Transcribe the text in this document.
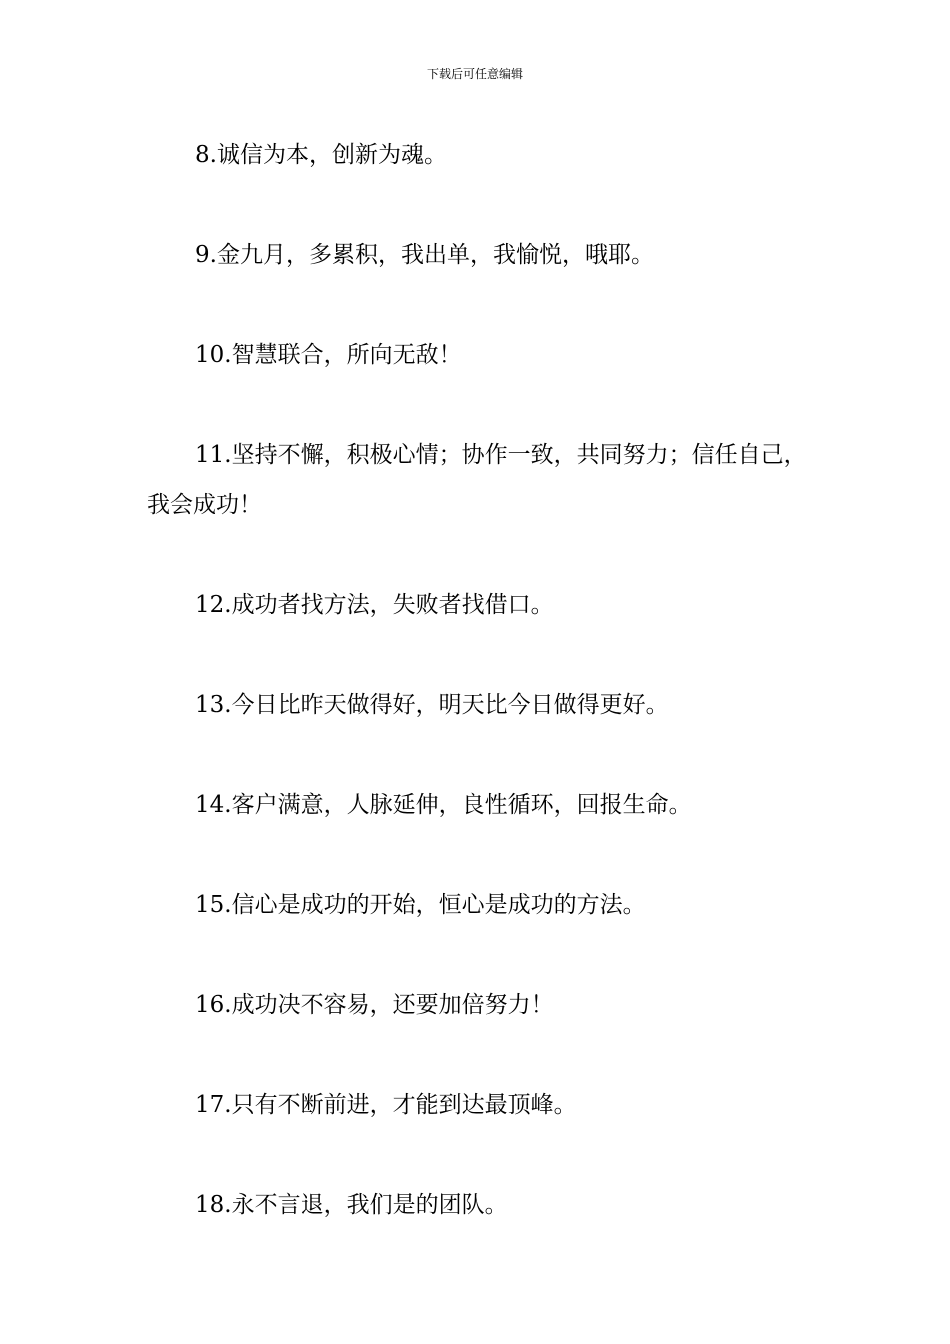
下载后可任意编辑

8.诚信为本，创新为魂。

9.金九月，多累积，我出单，我愉悦，哦耶。

10.智慧联合，所向无敌！

11.坚持不懈，积极心情；协作一致，共同努力；信任自己，我会成功！

12.成功者找方法，失败者找借口。

13.今日比昨天做得好，明天比今日做得更好。

14.客户满意，人脉延伸，良性循环，回报生命。

15.信心是成功的开始，恒心是成功的方法。

16.成功决不容易，还要加倍努力！

17.只有不断前进，才能到达最顶峰。

18.永不言退，我们是的团队。
